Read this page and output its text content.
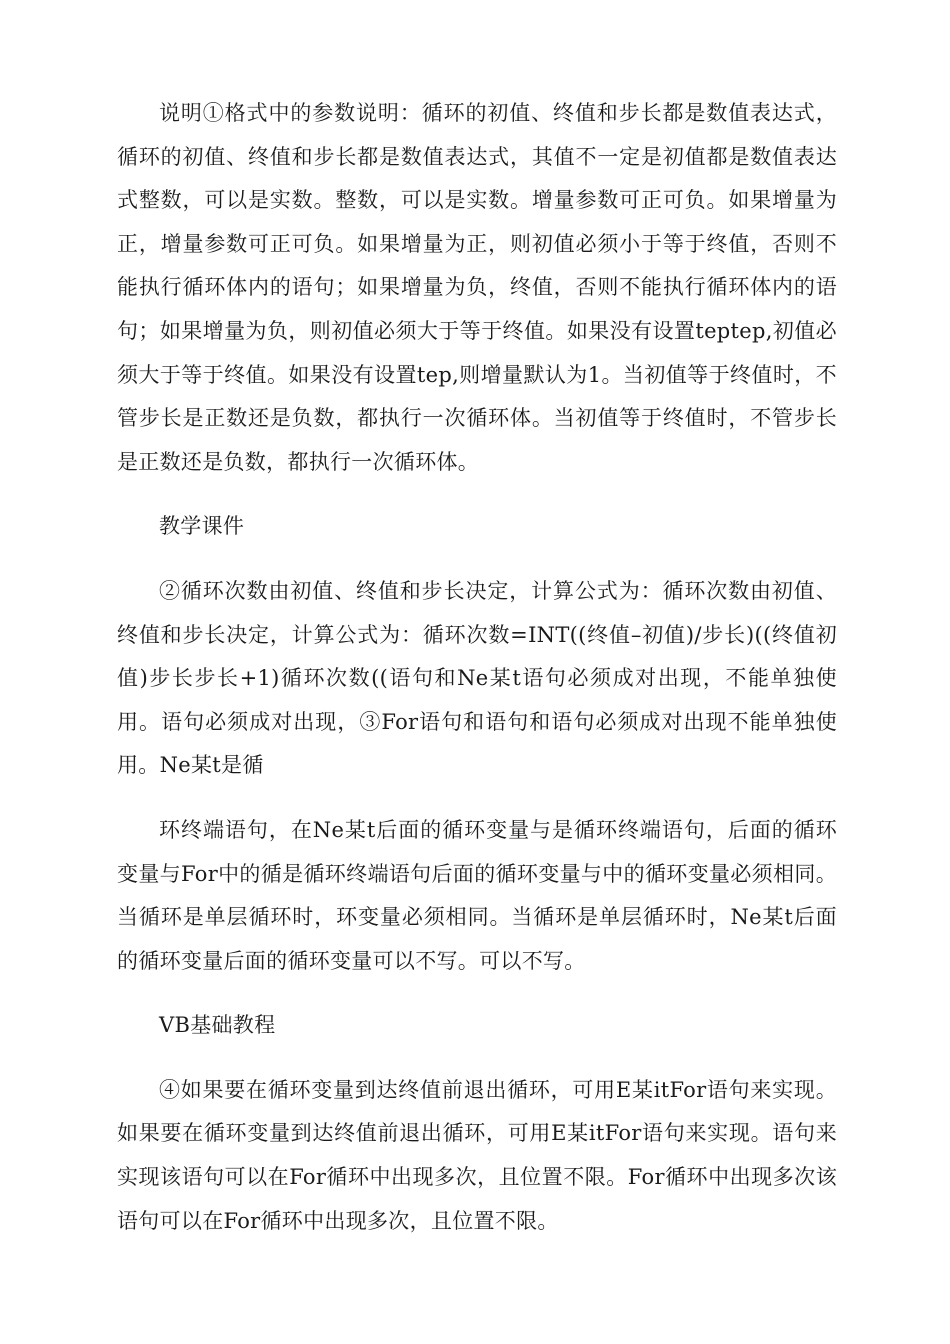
说明①格式中的参数说明：循环的初值、终值和步长都是数值表达式，循环的初值、终值和步长都是数值表达式，其值不一定是初值都是数值表达式整数，可以是实数。整数，可以是实数。增量参数可正可负。如果增量为正，增量参数可正可负。如果增量为正，则初值必须小于等于终值，否则不能执行循环体内的语句；如果增量为负，终值，否则不能执行循环体内的语句；如果增量为负，则初值必须大于等于终值。如果没有设置teptep,初值必须大于等于终值。如果没有设置tep,则增量默认为1。当初值等于终值时，不管步长是正数还是负数，都执行一次循环体。当初值等于终值时，不管步长是正数还是负数，都执行一次循环体。

教学课件

②循环次数由初值、终值和步长决定，计算公式为：循环次数由初值、终值和步长决定，计算公式为：循环次数=INT((终值–初值)/步长)((终值初值)步长步长+1)循环次数((语句和Ne某t语句必须成对出现，不能单独使用。语句必须成对出现，③For语句和语句和语句必须成对出现不能单独使用。Ne某t是循

环终端语句，在Ne某t后面的循环变量与是循环终端语句，后面的循环变量与For中的循是循环终端语句后面的循环变量与中的循环变量必须相同。当循环是单层循环时，环变量必须相同。当循环是单层循环时，Ne某t后面的循环变量后面的循环变量可以不写。可以不写。

VB基础教程

④如果要在循环变量到达终值前退出循环，可用E某itFor语句来实现。如果要在循环变量到达终值前退出循环，可用E某itFor语句来实现。语句来实现该语句可以在For循环中出现多次，且位置不限。For循环中出现多次该语句可以在For循环中出现多次，且位置不限。
